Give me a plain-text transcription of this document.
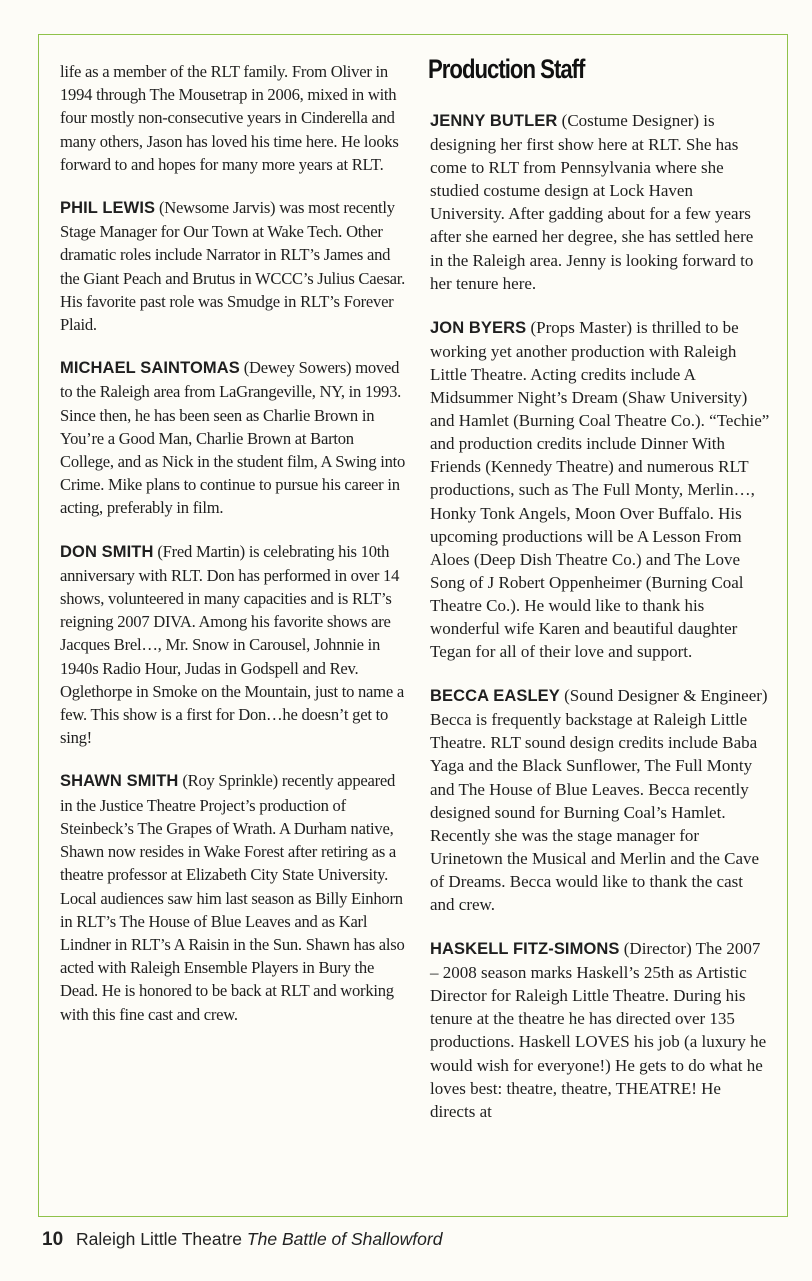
life as a member of the RLT family. From Oliver in 1994 through The Mousetrap in 2006, mixed in with four mostly non-consecutive years in Cinderella and many others, Jason has loved his time here. He looks forward to and hopes for many more years at RLT.

PHIL LEWIS (Newsome Jarvis) was most recently Stage Manager for Our Town at Wake Tech. Other dramatic roles include Narrator in RLT’s James and the Giant Peach and Brutus in WCCC’s Julius Caesar. His favorite past role was Smudge in RLT’s Forever Plaid.

MICHAEL SAINTOMAS (Dewey Sowers) moved to the Raleigh area from LaGrangeville, NY, in 1993. Since then, he has been seen as Charlie Brown in You’re a Good Man, Charlie Brown at Barton College, and as Nick in the student film, A Swing into Crime. Mike plans to continue to pursue his career in acting, preferably in film.

DON SMITH (Fred Martin) is celebrating his 10th anniversary with RLT. Don has performed in over 14 shows, volunteered in many capacities and is RLT’s reigning 2007 DIVA. Among his favorite shows are Jacques Brel…, Mr. Snow in Carousel, Johnnie in 1940s Radio Hour, Judas in Godspell and Rev. Oglethorpe in Smoke on the Mountain, just to name a few. This show is a first for Don…he doesn’t get to sing!

SHAWN SMITH (Roy Sprinkle) recently appeared in the Justice Theatre Project’s production of Steinbeck’s The Grapes of Wrath. A Durham native, Shawn now resides in Wake Forest after retiring as a theatre professor at Elizabeth City State University. Local audiences saw him last season as Billy Einhorn in RLT’s The House of Blue Leaves and as Karl Lindner in RLT’s A Raisin in the Sun. Shawn has also acted with Raleigh Ensemble Players in Bury the Dead. He is honored to be back at RLT and working with this fine cast and crew.

Production Staff

JENNY BUTLER (Costume Designer) is designing her first show here at RLT. She has come to RLT from Pennsylvania where she studied costume design at Lock Haven University. After gadding about for a few years after she earned her degree, she has settled here in the Raleigh area. Jenny is looking forward to her tenure here.

JON BYERS (Props Master) is thrilled to be working yet another production with Raleigh Little Theatre. Acting credits include A Midsummer Night’s Dream (Shaw University) and Hamlet (Burning Coal Theatre Co.). “Techie” and production credits include Dinner With Friends (Kennedy Theatre) and numerous RLT productions, such as The Full Monty, Merlin…, Honky Tonk Angels, Moon Over Buffalo. His upcoming productions will be A Lesson From Aloes (Deep Dish Theatre Co.) and The Love Song of J Robert Oppenheimer (Burning Coal Theatre Co.). He would like to thank his wonderful wife Karen and beautiful daughter Tegan for all of their love and support.

BECCA EASLEY (Sound Designer & Engineer) Becca is frequently backstage at Raleigh Little Theatre. RLT sound design credits include Baba Yaga and the Black Sunflower, The Full Monty and The House of Blue Leaves. Becca recently designed sound for Burning Coal’s Hamlet. Recently she was the stage manager for Urinetown the Musical and Merlin and the Cave of Dreams. Becca would like to thank the cast and crew.

HASKELL FITZ-SIMONS (Director) The 2007 – 2008 season marks Haskell’s 25th as Artistic Director for Raleigh Little Theatre. During his tenure at the theatre he has directed over 135 productions. Haskell LOVES his job (a luxury he would wish for everyone!) He gets to do what he loves best: theatre, theatre, THEATRE! He directs at

10 Raleigh Little Theatre The Battle of Shallowford
